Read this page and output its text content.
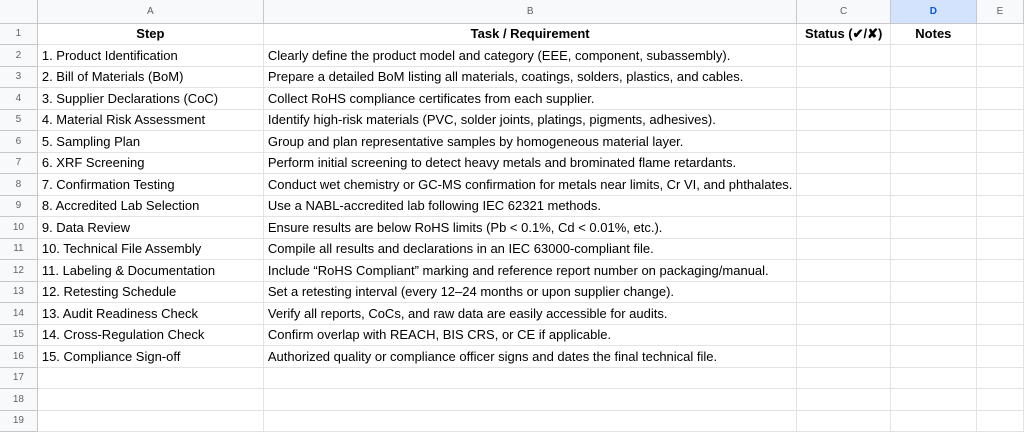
	A	B	C	D	E
1	Step	Task / Requirement	Status (✔/✘)	Notes	
2	1. Product Identification	Clearly define the product model and category (EEE, component, subassembly).			
3	2. Bill of Materials (BoM)	Prepare a detailed BoM listing all materials, coatings, solders, plastics, and cables.			
4	3. Supplier Declarations (CoC)	Collect RoHS compliance certificates from each supplier.			
5	4. Material Risk Assessment	Identify high-risk materials (PVC, solder joints, platings, pigments, adhesives).			
6	5. Sampling Plan	Group and plan representative samples by homogeneous material layer.			
7	6. XRF Screening	Perform initial screening to detect heavy metals and brominated flame retardants.			
8	7. Confirmation Testing	Conduct wet chemistry or GC-MS confirmation for metals near limits, Cr VI, and phthalates.			
9	8. Accredited Lab Selection	Use a NABL-accredited lab following IEC 62321 methods.			
10	9. Data Review	Ensure results are below RoHS limits (Pb < 0.1%, Cd < 0.01%, etc.).			
11	10. Technical File Assembly	Compile all results and declarations in an IEC 63000-compliant file.			
12	11. Labeling & Documentation	Include “RoHS Compliant” marking and reference report number on packaging/manual.			
13	12. Retesting Schedule	Set a retesting interval (every 12–24 months or upon supplier change).			
14	13. Audit Readiness Check	Verify all reports, CoCs, and raw data are easily accessible for audits.			
15	14. Cross-Regulation Check	Confirm overlap with REACH, BIS CRS, or CE if applicable.			
16	15. Compliance Sign-off	Authorized quality or compliance officer signs and dates the final technical file.			
17					
18					
19					
